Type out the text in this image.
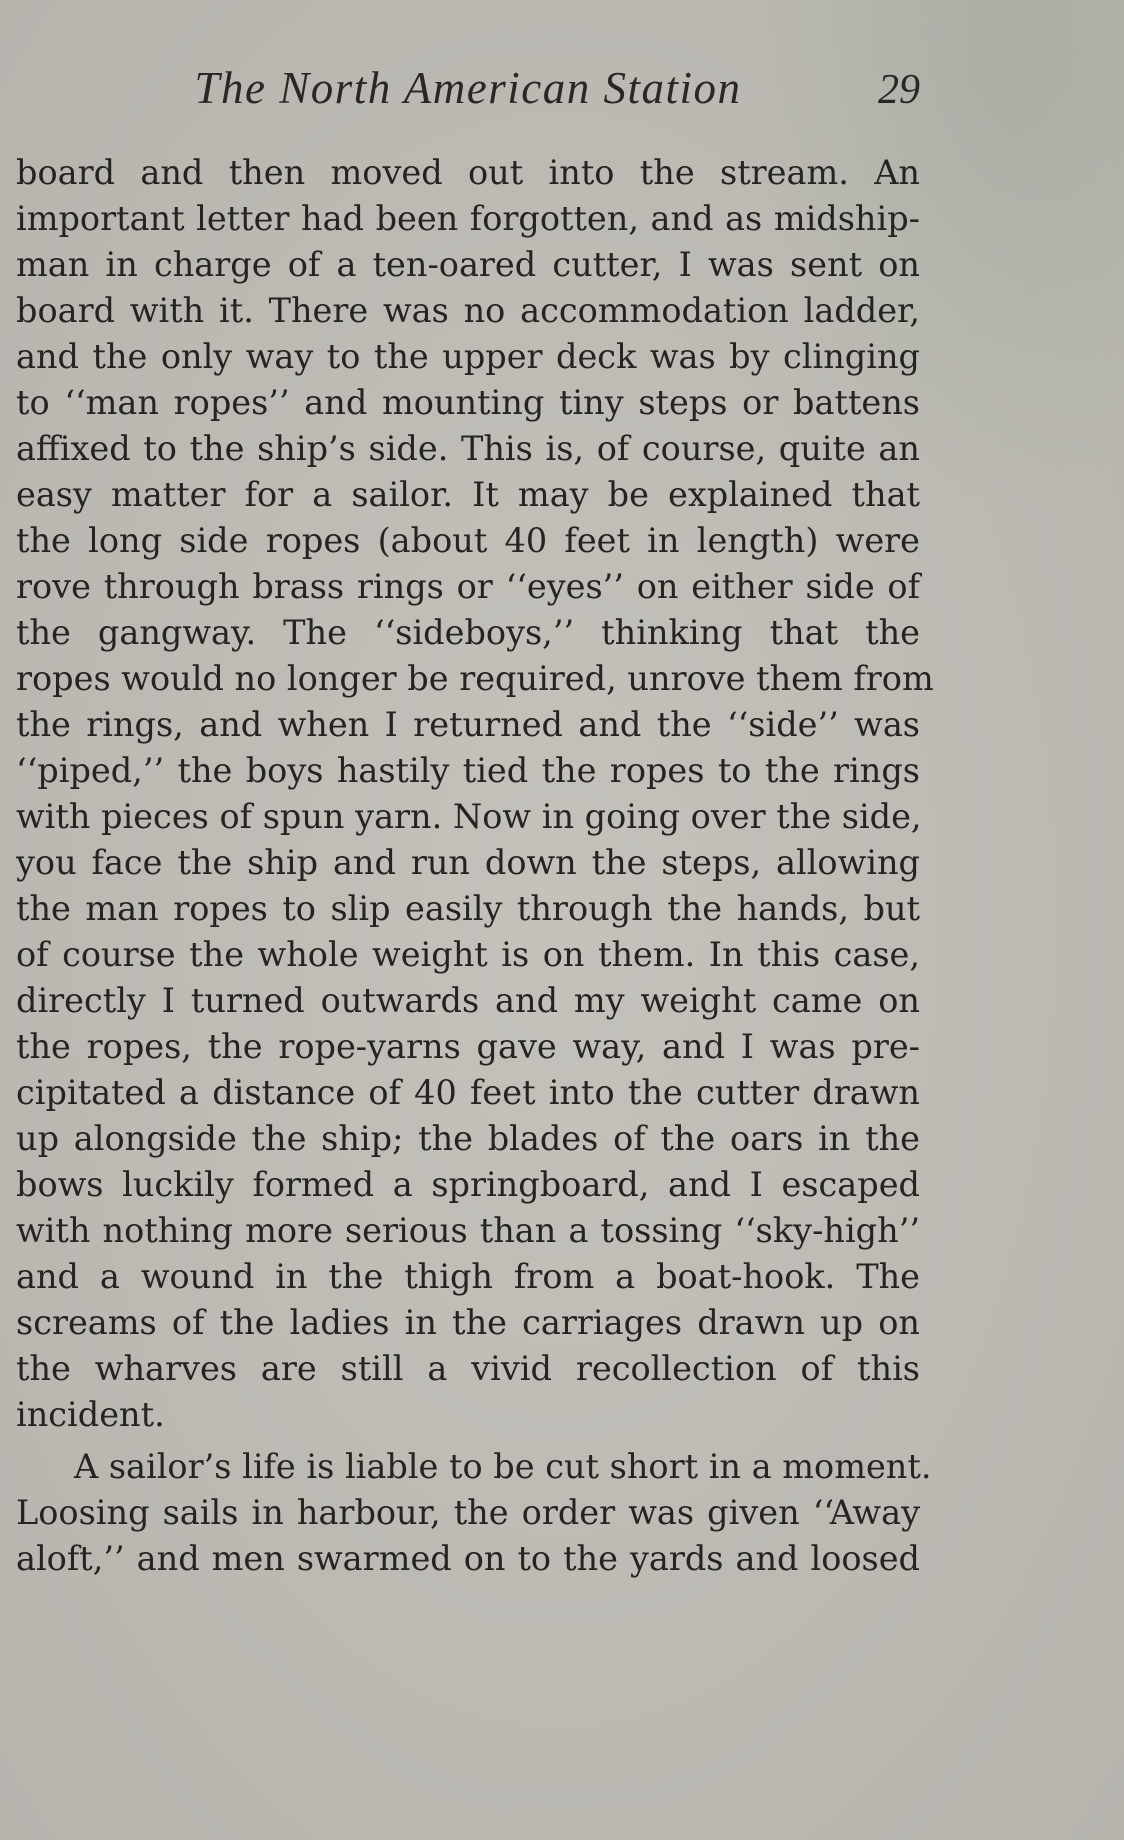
The North American Station	29
board and then moved out into the stream. An
important letter had been forgotten, and as midship-
man in charge of a ten-oared cutter, I was sent on
board with it. There was no accommodation ladder,
and the only way to the upper deck was by clinging
to ‘‘man ropes’’ and mounting tiny steps or battens
affixed to the ship’s side. This is, of course, quite an
easy matter for a sailor. It may be explained that
the long side ropes (about 40 feet in length) were
rove through brass rings or ‘‘eyes’’ on either side of
the gangway. The ‘‘sideboys,’’ thinking that the
ropes would no longer be required, unrove them from
the rings, and when I returned and the ‘‘side’’ was
‘‘piped,’’ the boys hastily tied the ropes to the rings
with pieces of spun yarn. Now in going over the side,
you face the ship and run down the steps, allowing
the man ropes to slip easily through the hands, but
of course the whole weight is on them. In this case,
directly I turned outwards and my weight came on
the ropes, the rope-yarns gave way, and I was pre-
cipitated a distance of 40 feet into the cutter drawn
up alongside the ship; the blades of the oars in the
bows luckily formed a springboard, and I escaped
with nothing more serious than a tossing ‘‘sky-high’’
and a wound in the thigh from a boat-hook. The
screams of the ladies in the carriages drawn up on
the wharves are still a vivid recollection of this
incident.
A sailor’s life is liable to be cut short in a moment.
Loosing sails in harbour, the order was given ‘‘Away
aloft,’’ and men swarmed on to the yards and loosed
